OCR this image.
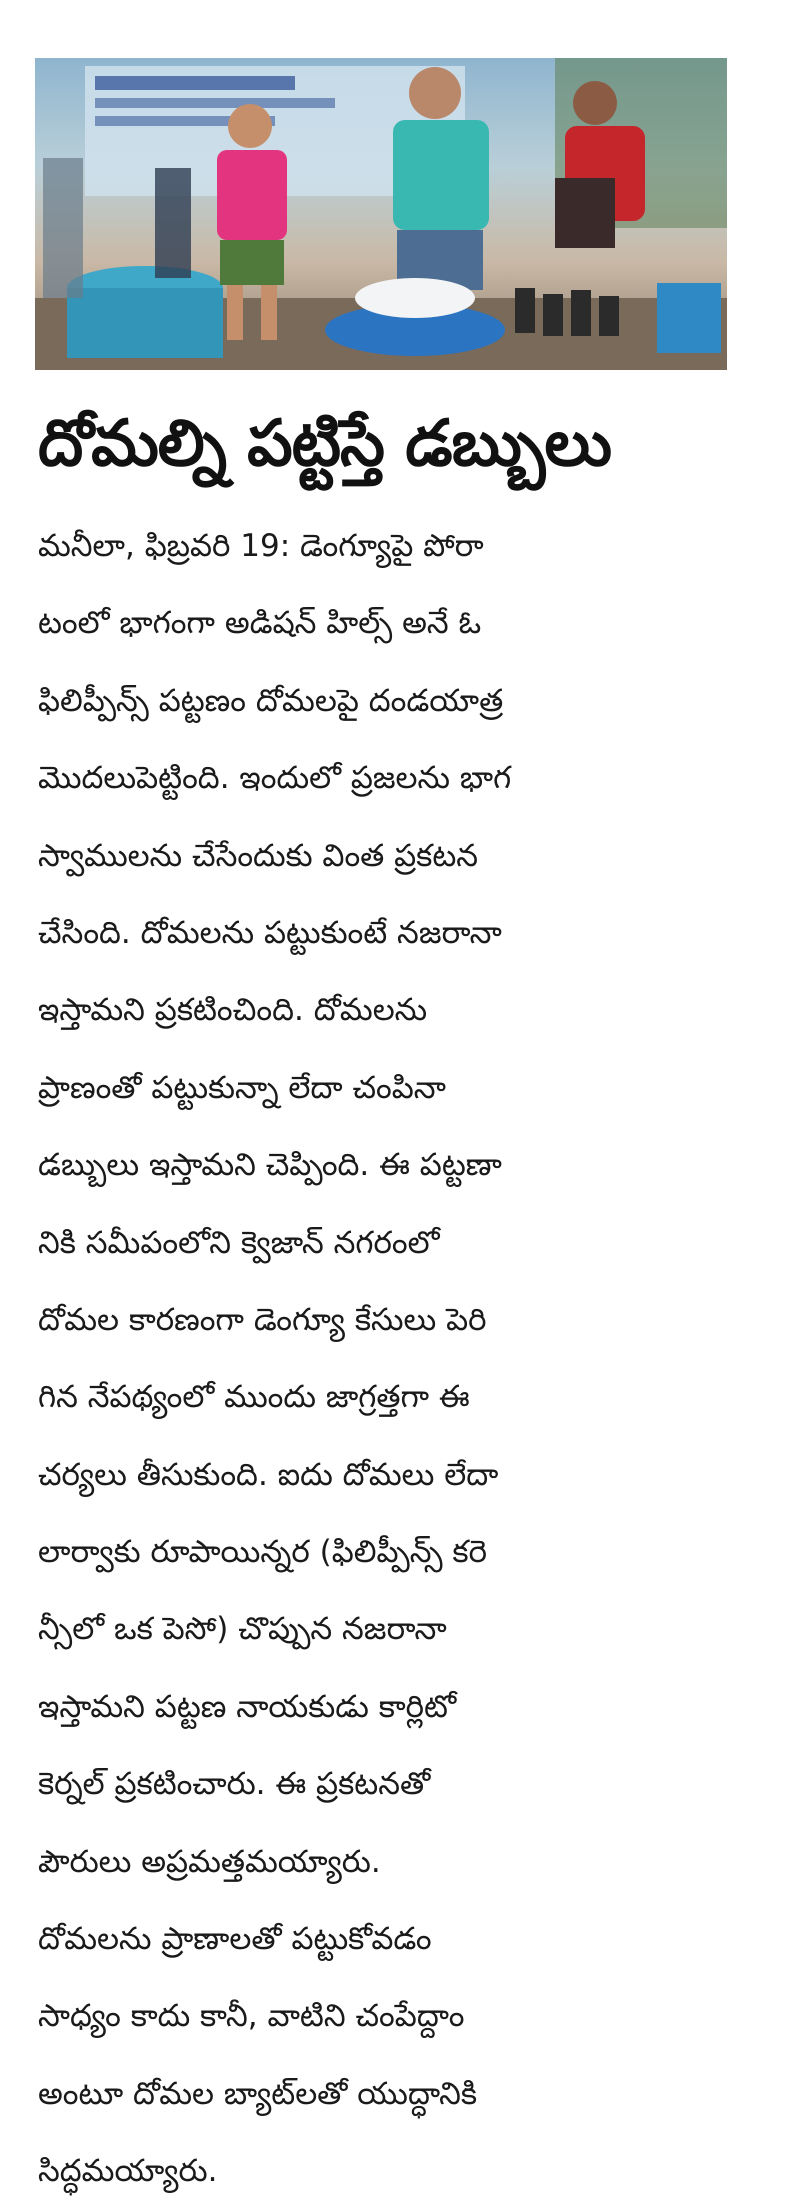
దోమల్ని పట్టిస్తే డబ్బులు
మనీలా, ఫిబ్రవరి 19: డెంగ్యూపై పోరా
టంలో భాగంగా అడిషన్ హిల్స్ అనే ఓ
ఫిలిప్పీన్స్ పట్టణం దోమలపై దండయాత్ర
మొదలుపెట్టింది. ఇందులో ప్రజలను భాగ
స్వాములను చేసేందుకు వింత ప్రకటన
చేసింది. దోమలను పట్టుకుంటే నజరానా
ఇస్తామని ప్రకటించింది. దోమలను
ప్రాణంతో పట్టుకున్నా లేదా చంపినా
డబ్బులు ఇస్తామని చెప్పింది. ఈ పట్టణా
నికి సమీపంలోని క్వెజాన్ నగరంలో
దోమల కారణంగా డెంగ్యూ కేసులు పెరి
గిన నేపథ్యంలో ముందు జాగ్రత్తగా ఈ
చర్యలు తీసుకుంది. ఐదు దోమలు లేదా
లార్వాకు రూపాయిన్నర (ఫిలిప్పీన్స్ కరె
న్సీలో ఒక పెసో) చొప్పున నజరానా
ఇస్తామని పట్టణ నాయకుడు కార్లిటో
కెర్నల్ ప్రకటించారు. ఈ ప్రకటనతో
పౌరులు అప్రమత్తమయ్యారు.
దోమలను ప్రాణాలతో పట్టుకోవడం
సాధ్యం కాదు కానీ, వాటిని చంపేద్దాం
అంటూ దోమల బ్యాట్‌లతో యుద్ధానికి
సిద్ధమయ్యారు.
